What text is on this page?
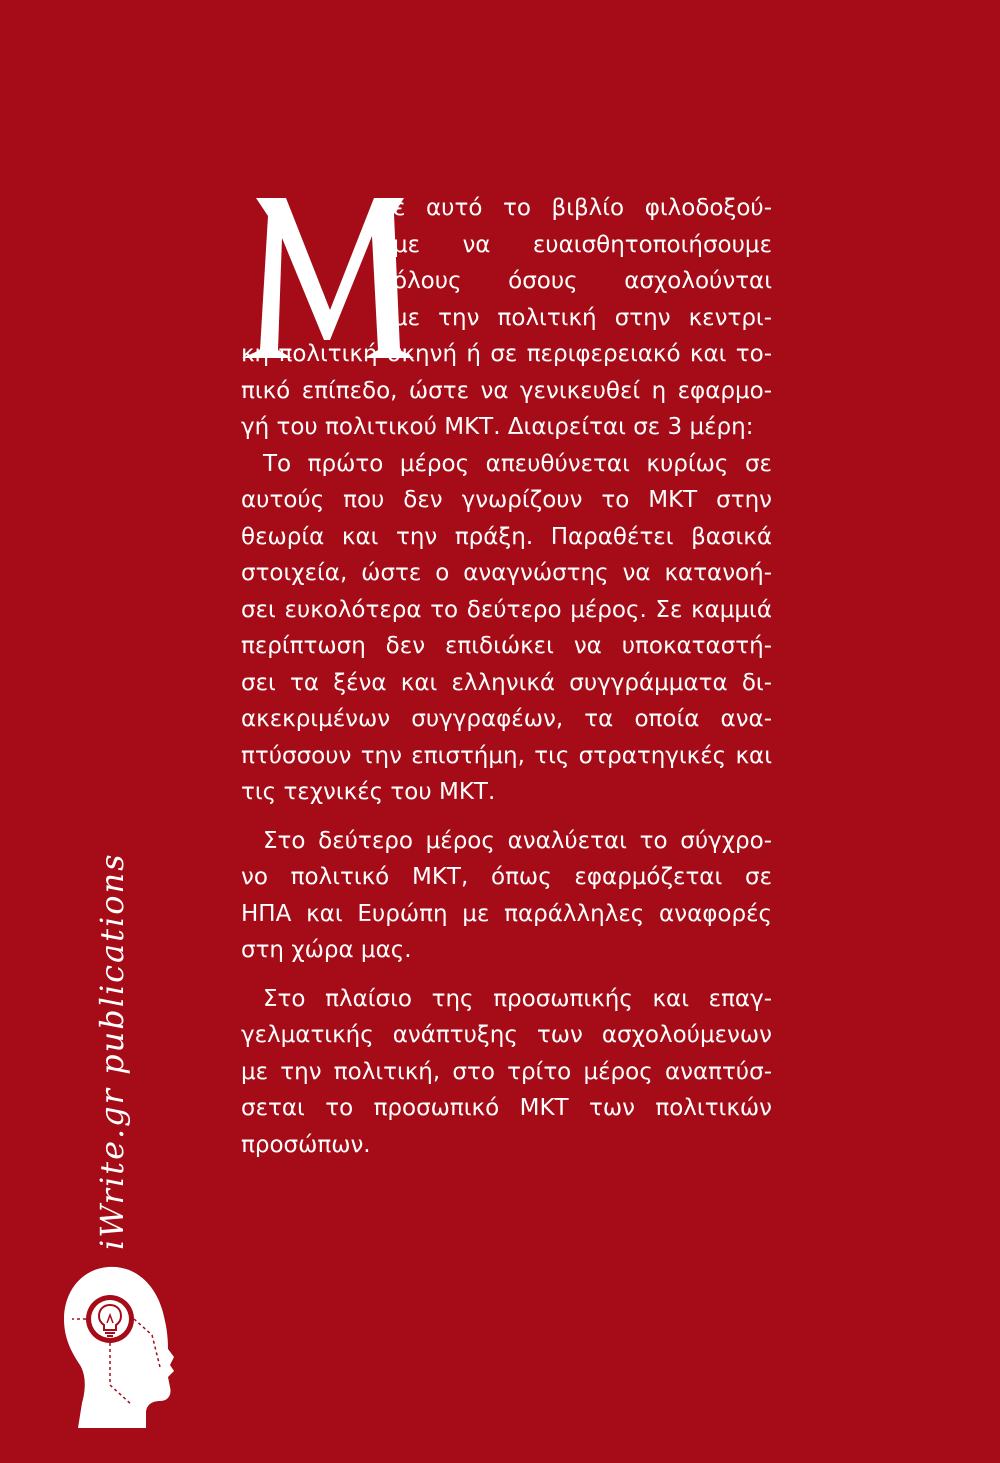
ε αυτό το βιβλίο φιλοδοξού-
με να ευαισθητοποιήσουμε
όλους όσους ασχολούνται
με την πολιτική στην κεντρι-
κή πολιτική σκηνή ή σε περιφερειακό και το-
πικό επίπεδο, ώστε να γενικευθεί η εφαρμο-
γή του πολιτικού ΜΚΤ. Διαιρείται σε 3 μέρη:
Το πρώτο μέρος απευθύνεται κυρίως σε
αυτούς που δεν γνωρίζουν το ΜΚΤ στην
θεωρία και την πράξη. Παραθέτει βασικά
στοιχεία, ώστε ο αναγνώστης να κατανοή-
σει ευκολότερα το δεύτερο μέρος. Σε καμμιά
περίπτωση δεν επιδιώκει να υποκαταστή-
σει τα ξένα και ελληνικά συγγράμματα δι-
ακεκριμένων συγγραφέων, τα οποία ανα-
πτύσσουν την επιστήμη, τις στρατηγικές και
τις τεχνικές του ΜΚΤ.
Στο δεύτερο μέρος αναλύεται το σύγχρο-
νο πολιτικό ΜΚΤ, όπως εφαρμόζεται σε
ΗΠΑ και Ευρώπη με παράλληλες αναφορές
στη χώρα μας.
Στο πλαίσιο της προσωπικής και επαγ-
γελματικής ανάπτυξης των ασχολούμενων
με την πολιτική, στο τρίτο μέρος αναπτύσ-
σεται το προσωπικό ΜΚΤ των πολιτικών
προσώπων.
iWrite.gr publications
